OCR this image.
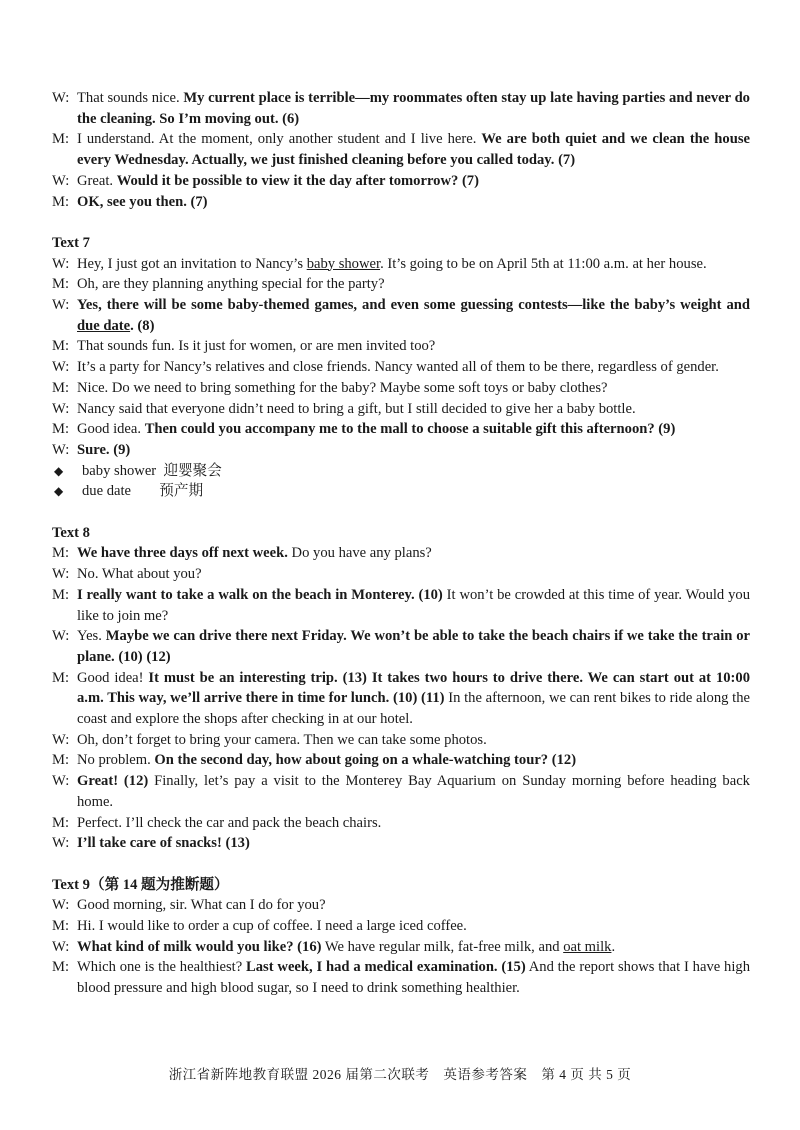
W: That sounds nice. My current place is terrible—my roommates often stay up late having parties and never do the cleaning. So I’m moving out. (6)
M: I understand. At the moment, only another student and I live here. We are both quiet and we clean the house every Wednesday. Actually, we just finished cleaning before you called today. (7)
W: Great. Would it be possible to view it the day after tomorrow? (7)
M: OK, see you then. (7)
Text 7
W: Hey, I just got an invitation to Nancy’s baby shower. It’s going to be on April 5th at 11:00 a.m. at her house.
M: Oh, are they planning anything special for the party?
W: Yes, there will be some baby-themed games, and even some guessing contests—like the baby’s weight and due date. (8)
M: That sounds fun. Is it just for women, or are men invited too?
W: It’s a party for Nancy’s relatives and close friends. Nancy wanted all of them to be there, regardless of gender.
M: Nice. Do we need to bring something for the baby? Maybe some soft toys or baby clothes?
W: Nancy said that everyone didn’t need to bring a gift, but I still decided to give her a baby bottle.
M: Good idea. Then could you accompany me to the mall to choose a suitable gift this afternoon? (9)
W: Sure. (9)
◆ baby shower 迎婴聚会
◆ due date 预产期
Text 8
M: We have three days off next week. Do you have any plans?
W: No. What about you?
M: I really want to take a walk on the beach in Monterey. (10) It won’t be crowded at this time of year. Would you like to join me?
W: Yes. Maybe we can drive there next Friday. We won’t be able to take the beach chairs if we take the train or plane. (10) (12)
M: Good idea! It must be an interesting trip. (13) It takes two hours to drive there. We can start out at 10:00 a.m. This way, we’ll arrive there in time for lunch. (10) (11) In the afternoon, we can rent bikes to ride along the coast and explore the shops after checking in at our hotel.
W: Oh, don’t forget to bring your camera. Then we can take some photos.
M: No problem. On the second day, how about going on a whale-watching tour? (12)
W: Great! (12) Finally, let’s pay a visit to the Monterey Bay Aquarium on Sunday morning before heading back home.
M: Perfect. I’ll check the car and pack the beach chairs.
W: I’ll take care of snacks! (13)
Text 9（第 14 题为推断题）
W: Good morning, sir. What can I do for you?
M: Hi. I would like to order a cup of coffee. I need a large iced coffee.
W: What kind of milk would you like? (16) We have regular milk, fat-free milk, and oat milk.
M: Which one is the healthiest? Last week, I had a medical examination. (15) And the report shows that I have high blood pressure and high blood sugar, so I need to drink something healthier.
浙江省新阵地教育联盟 2026 届第二次联考　英语参考答案　第 4 页 共 5 页
